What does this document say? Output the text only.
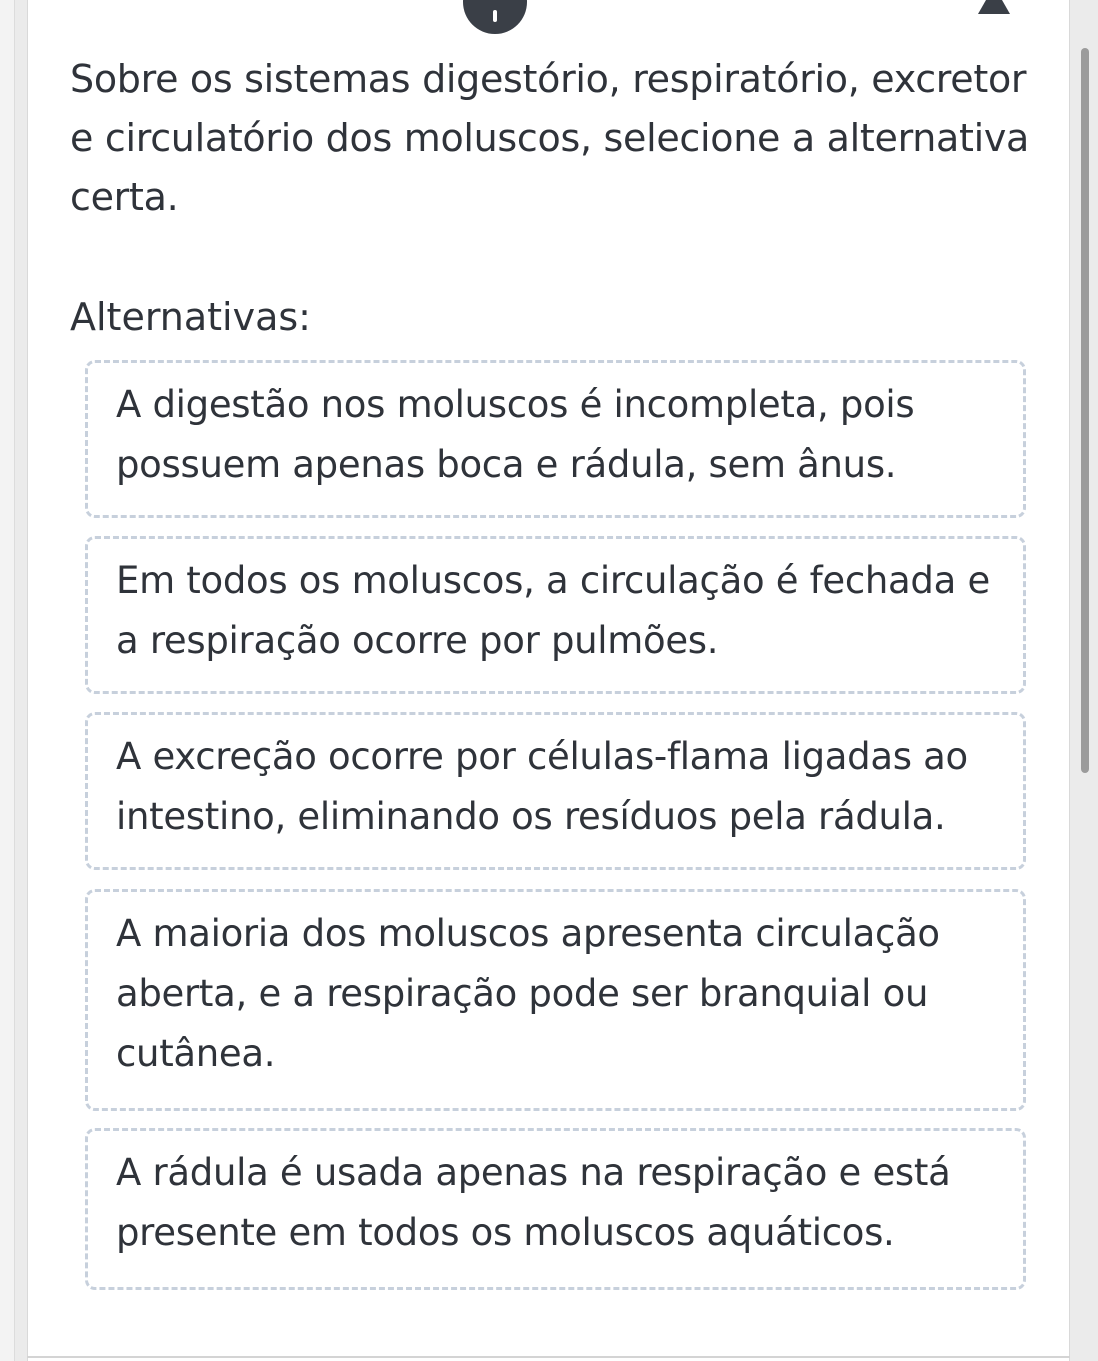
Sobre os sistemas digestório, respiratório, excretor e circulatório dos moluscos, selecione a alternativa certa.

Alternativas:

A digestão nos moluscos é incompleta, pois possuem apenas boca e rádula, sem ânus.
Em todos os moluscos, a circulação é fechada e a respiração ocorre por pulmões.
A excreção ocorre por células-flama ligadas ao intestino, eliminando os resíduos pela rádula.
A maioria dos moluscos apresenta circulação aberta, e a respiração pode ser branquial ou cutânea.
A rádula é usada apenas na respiração e está presente em todos os moluscos aquáticos.
